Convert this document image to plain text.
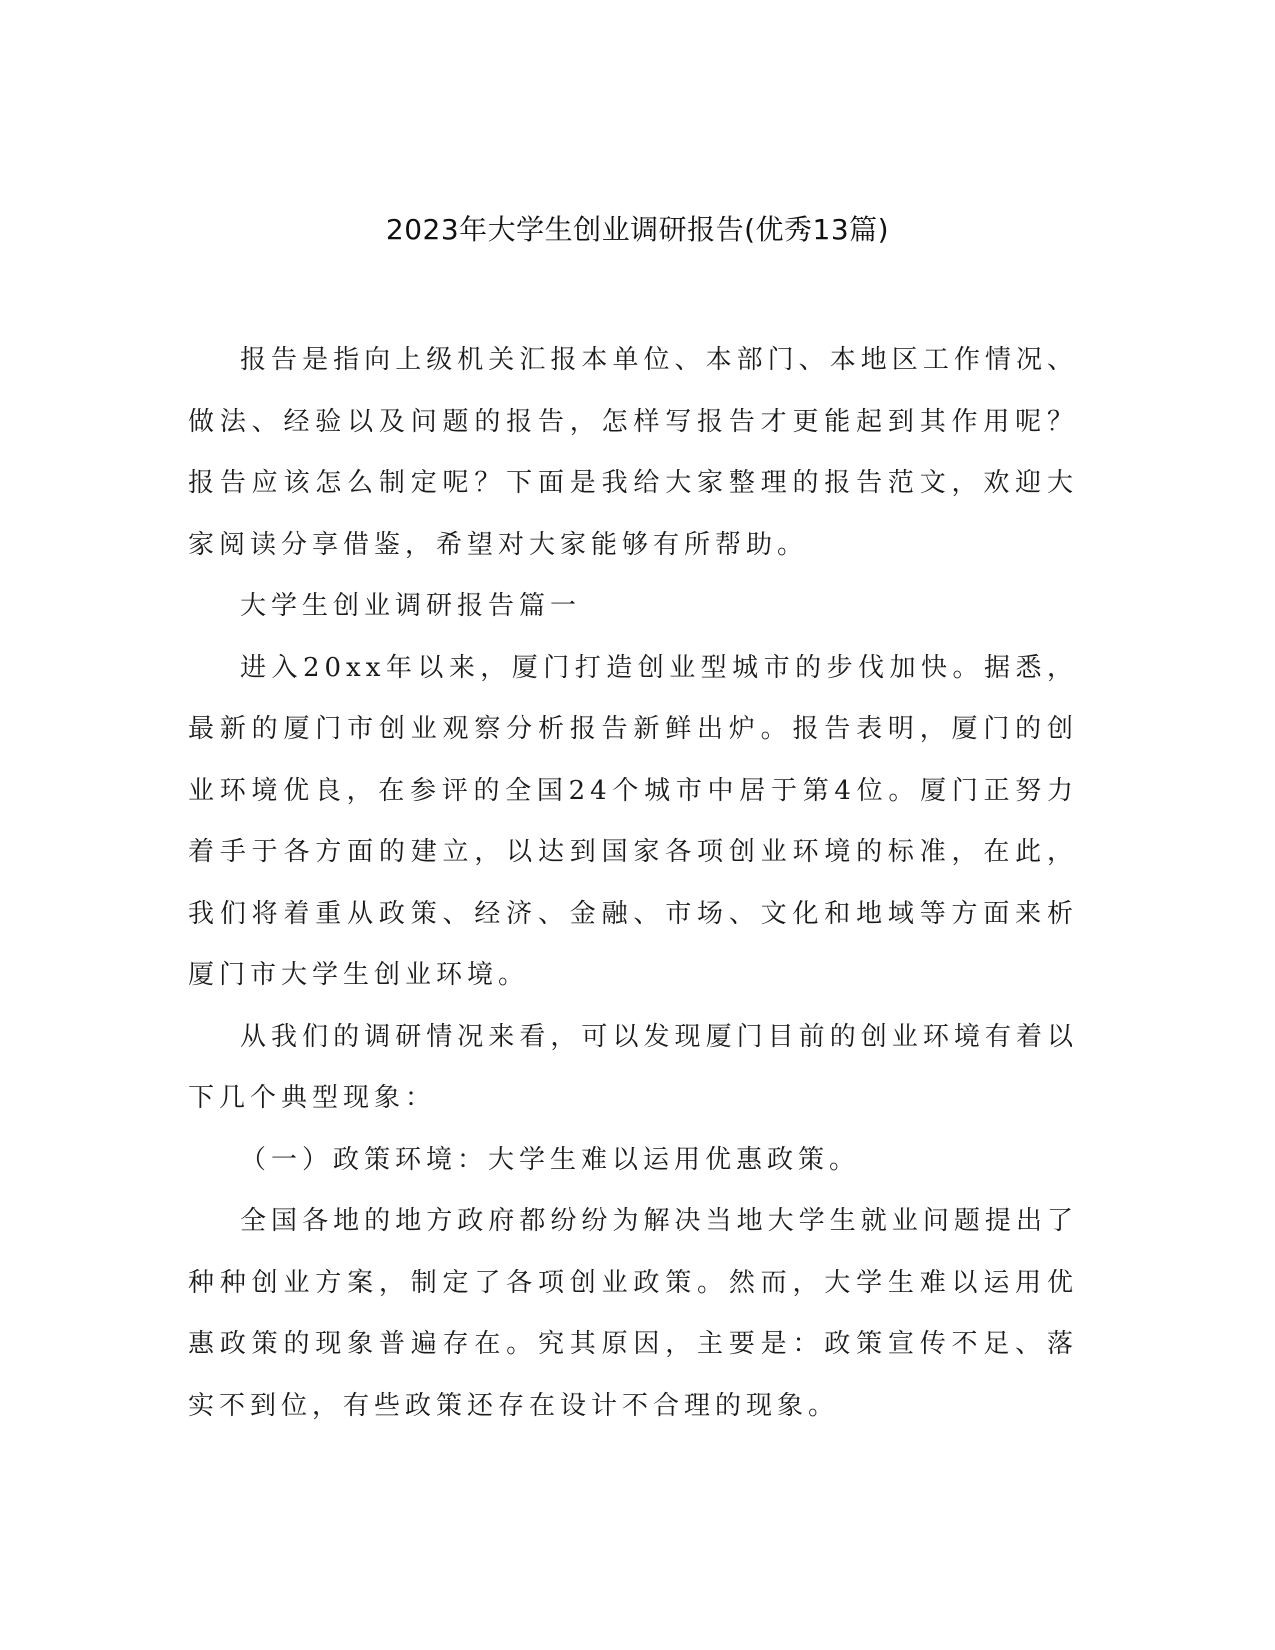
2023年大学生创业调研报告(优秀13篇)

报告是指向上级机关汇报本单位、本部门、本地区工作情况、做法、经验以及问题的报告，怎样写报告才更能起到其作用呢？报告应该怎么制定呢？下面是我给大家整理的报告范文，欢迎大家阅读分享借鉴，希望对大家能够有所帮助。

大学生创业调研报告篇一

进入20xx年以来，厦门打造创业型城市的步伐加快。据悉，最新的厦门市创业观察分析报告新鲜出炉。报告表明，厦门的创业环境优良，在参评的全国24个城市中居于第4位。厦门正努力着手于各方面的建立，以达到国家各项创业环境的标准，在此，我们将着重从政策、经济、金融、市场、文化和地域等方面来析厦门市大学生创业环境。

从我们的调研情况来看，可以发现厦门目前的创业环境有着以下几个典型现象：

（一）政策环境：大学生难以运用优惠政策。

全国各地的地方政府都纷纷为解决当地大学生就业问题提出了种种创业方案，制定了各项创业政策。然而，大学生难以运用优惠政策的现象普遍存在。究其原因，主要是：政策宣传不足、落实不到位，有些政策还存在设计不合理的现象。
